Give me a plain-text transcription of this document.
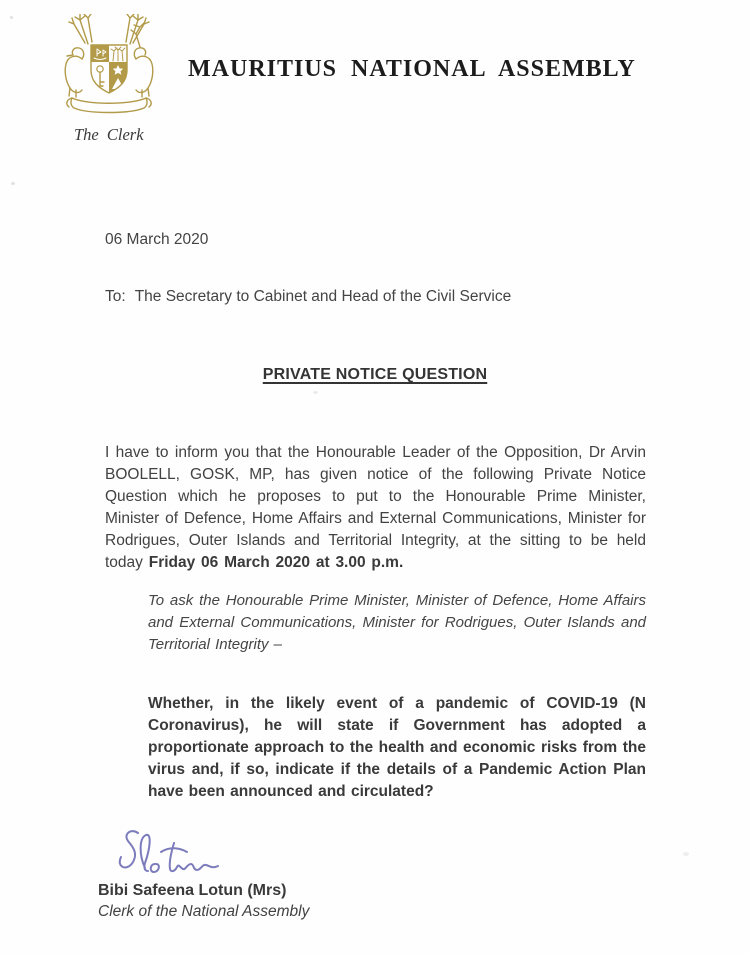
MAURITIUS NATIONAL ASSEMBLY
The Clerk
06 March 2020
To: The Secretary to Cabinet and Head of the Civil Service
PRIVATE NOTICE QUESTION

I have to inform you that the Honourable Leader of the Opposition, Dr Arvin BOOLELL, GOSK, MP, has given notice of the following Private Notice Question which he proposes to put to the Honourable Prime Minister, Minister of Defence, Home Affairs and External Communications, Minister for Rodrigues, Outer Islands and Territorial Integrity, at the sitting to be held today Friday 06 March 2020 at 3.00 p.m.

To ask the Honourable Prime Minister, Minister of Defence, Home Affairs and External Communications, Minister for Rodrigues, Outer Islands and Territorial Integrity –

Whether, in the likely event of a pandemic of COVID-19 (N Coronavirus), he will state if Government has adopted a proportionate approach to the health and economic risks from the virus and, if so, indicate if the details of a Pandemic Action Plan have been announced and circulated?

Bibi Safeena Lotun (Mrs)
Clerk of the National Assembly
